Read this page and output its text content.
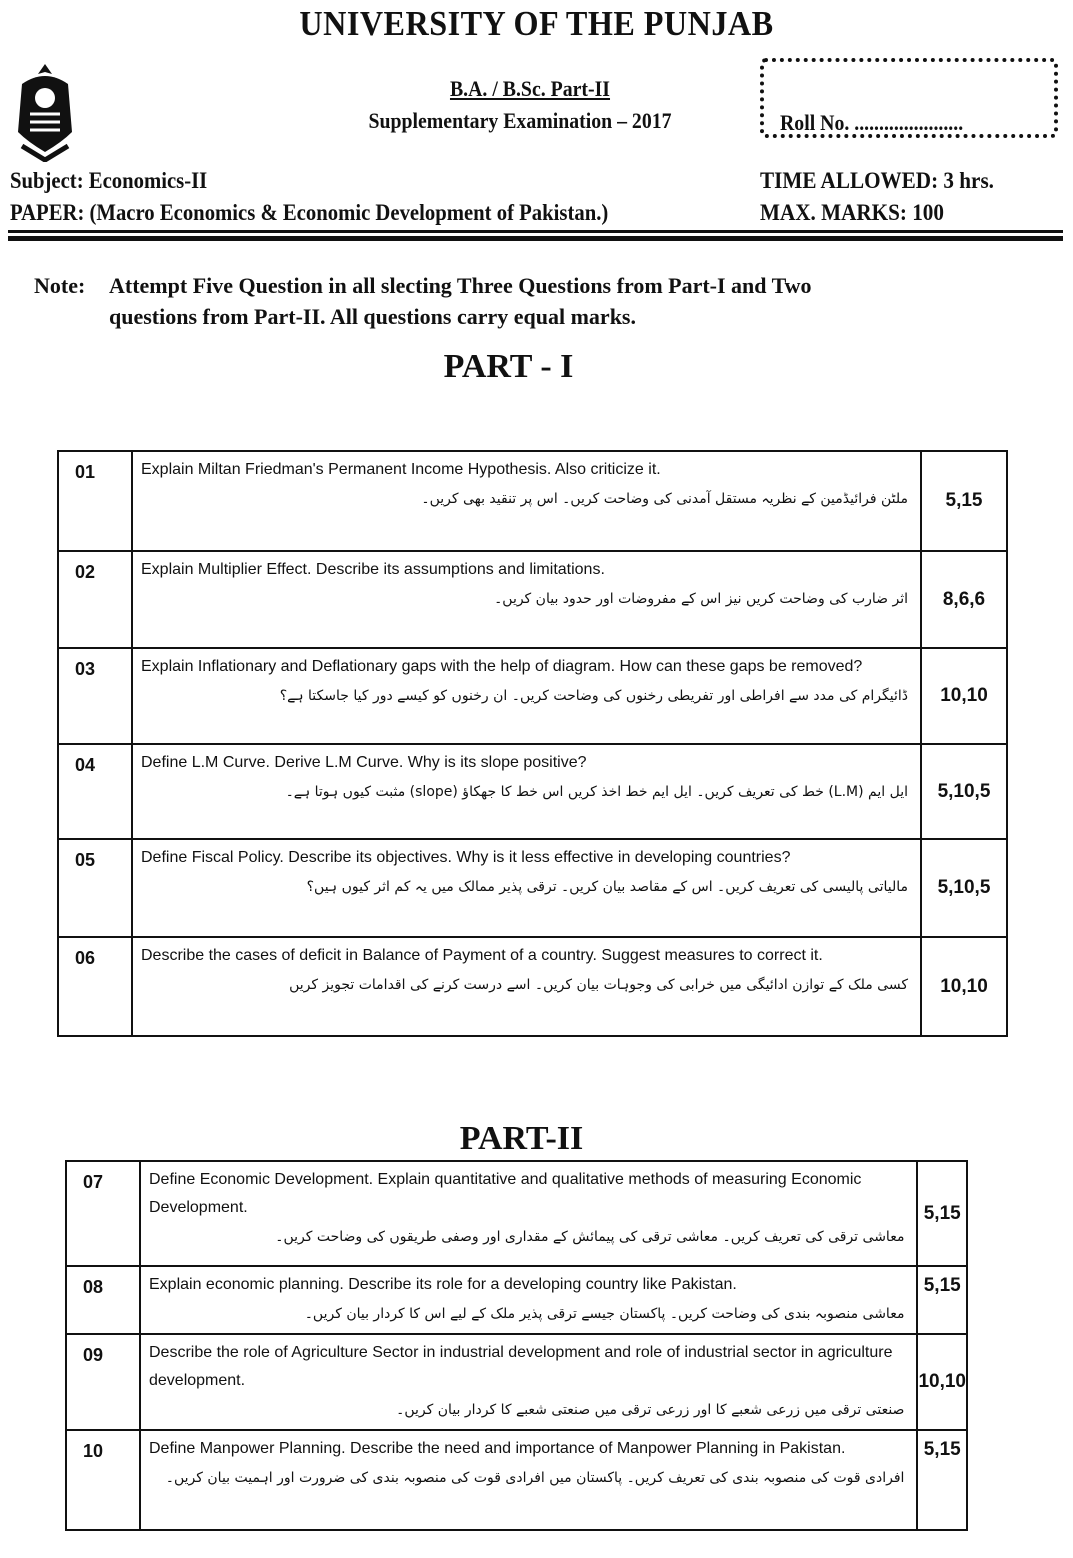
UNIVERSITY OF THE PUNJAB
B.A. / B.Sc. Part-II
Supplementary Examination – 2017	Roll No. ......................
Subject: Economics-II
PAPER: (Macro Economics & Economic Development of Pakistan.)
TIME ALLOWED: 3 hrs.
MAX. MARKS: 100
Note: Attempt Five Question in all slecting Three Questions from Part-I and Two
questions from Part-II. All questions carry equal marks.
PART - I
01	Explain Miltan Friedman's Permanent Income Hypothesis. Also criticize it.
ملٹن فرائیڈمین کے نظریہ مستقل آمدنی کی وضاحت کریں۔ اس پر تنقید بھی کریں۔	5,15
02	Explain Multiplier Effect. Describe its assumptions and limitations.
اثر ضارب کی وضاحت کریں نیز اس کے مفروضات اور حدود بیان کریں۔	8,6,6
03	Explain Inflationary and Deflationary gaps with the help of diagram. How can these gaps be removed?
ڈائیگرام کی مدد سے افراطی اور تفریطی رخنوں کی وضاحت کریں۔ ان رخنوں کو کیسے دور کیا جاسکتا ہے؟	10,10
04	Define L.M Curve. Derive L.M Curve. Why is its slope positive?
ایل ایم (L.M) خط کی تعریف کریں۔ ایل ایم خط اخذ کریں اس خط کا جھکاؤ (slope) مثبت کیوں ہوتا ہے۔	5,10,5
05	Define Fiscal Policy. Describe its objectives. Why is it less effective in developing countries?
مالیاتی پالیسی کی تعریف کریں۔ اس کے مقاصد بیان کریں۔ ترقی پذیر ممالک میں یہ کم اثر کیوں ہیں؟	5,10,5
06	Describe the cases of deficit in Balance of Payment of a country. Suggest measures to correct it.
کسی ملک کے توازن ادائیگی میں خرابی کی وجوہات بیان کریں۔ اسے درست کرنے کی اقدامات تجویز کریں	10,10
PART-II
07	Define Economic Development. Explain quantitative and qualitative methods of measuring Economic Development.
معاشی ترقی کی تعریف کریں۔ معاشی ترقی کی پیمائش کے مقداری اور وصفی طریقوں کی وضاحت کریں۔	5,15
08	Explain economic planning. Describe its role for a developing country like Pakistan.
معاشی منصوبہ بندی کی وضاحت کریں۔ پاکستان جیسے ترقی پذیر ملک کے لیے اس کا کردار بیان کریں۔	5,15
09	Describe the role of Agriculture Sector in industrial development and role of industrial sector in agriculture development.
صنعتی ترقی میں زرعی شعبے کا اور زرعی ترقی میں صنعتی شعبے کا کردار بیان کریں۔	10,10
10	Define Manpower Planning. Describe the need and importance of Manpower Planning in Pakistan.
افرادی قوت کی منصوبہ بندی کی تعریف کریں۔ پاکستان میں افرادی قوت کی منصوبہ بندی کی ضرورت اور اہمیت بیان کریں۔	5,15
